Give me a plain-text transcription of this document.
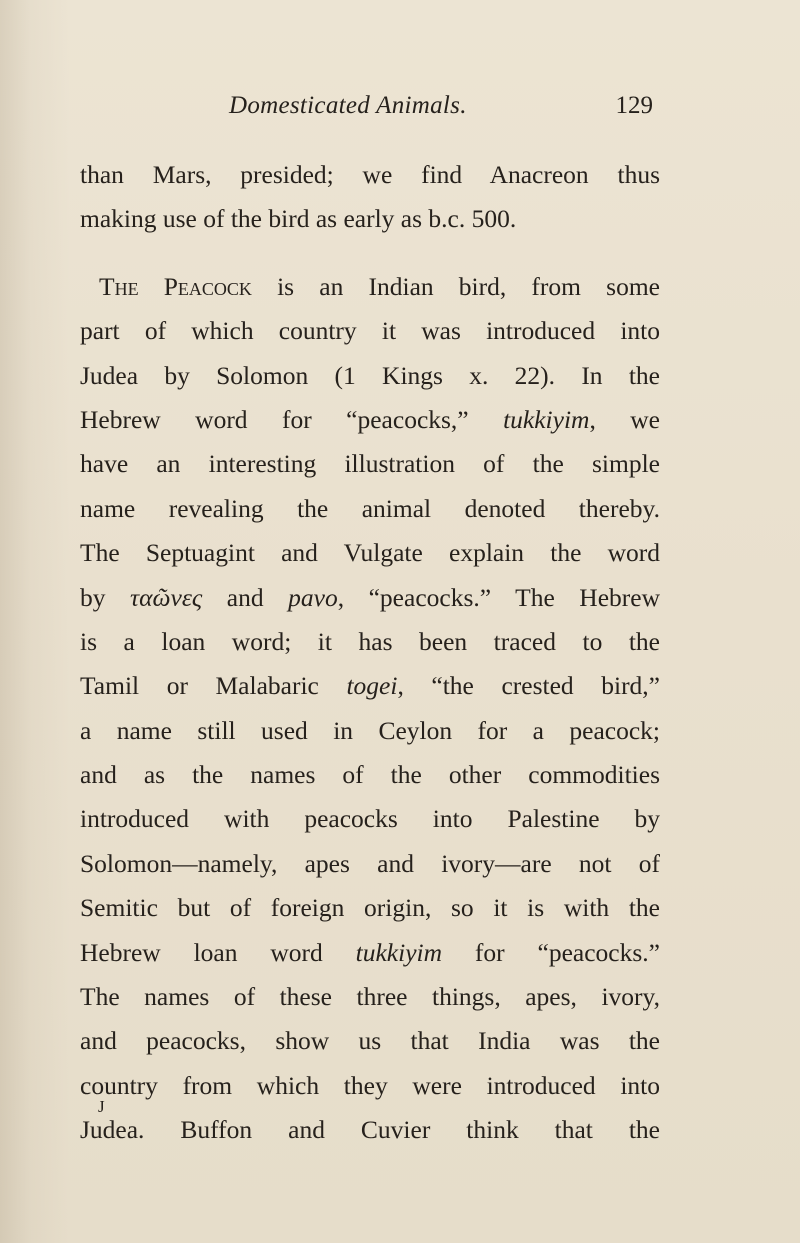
Domesticated Animals.	129
than Mars, presided; we find Anacreon thus
making use of the bird as early as b.c. 500.
The Peacock is an Indian bird, from some
part of which country it was introduced into
Judea by Solomon (1 Kings x. 22). In the
Hebrew word for “peacocks,” tukkiyim, we
have an interesting illustration of the simple
name revealing the animal denoted thereby.
The Septuagint and Vulgate explain the word
by ταῶνες and pavo, “peacocks.” The Hebrew
is a loan word; it has been traced to the
Tamil or Malabaric togei, “the crested bird,”
a name still used in Ceylon for a peacock;
and as the names of the other commodities
introduced with peacocks into Palestine by
Solomon—namely, apes and ivory—are not of
Semitic but of foreign origin, so it is with the
Hebrew loan word tukkiyim for “peacocks.”
The names of these three things, apes, ivory,
and peacocks, show us that India was the
country from which they were introduced into
Judea. Buffon and Cuvier think that the
J
